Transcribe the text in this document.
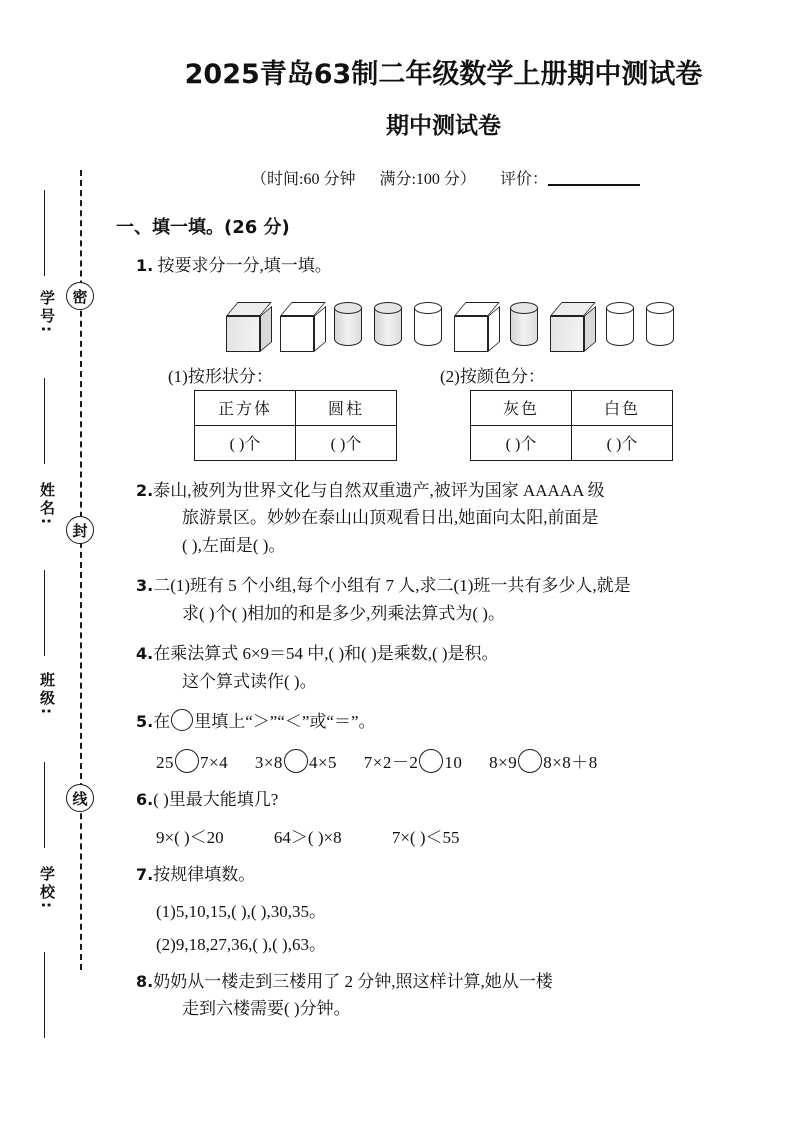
密
封
线
学号:
姓名:
班级:
学校:
2025青岛63制二年级数学上册期中测试卷
期中测试卷
（时间:60 分钟 满分:100 分） 评价：
一、填一填。(26 分)
1. 按要求分一分,填一填。
(1)按形状分：	(2)按颜色分：
正方体	圆柱
( )个	( )个
灰色	白色
( )个	( )个
2.泰山,被列为世界文化与自然双重遗产,被评为国家 AAAAA 级
旅游景区。妙妙在泰山山顶观看日出,她面向太阳,前面是
( ),左面是( )。
3.二(1)班有 5 个小组,每个小组有 7 人,求二(1)班一共有多少人,就是
求( )个( )相加的和是多少,列乘法算式为( )。
4.在乘法算式 6×9＝54 中,( )和( )是乘数,( )是积。
这个算式读作( )。
5.在 里填上“＞”“＜”或“＝”。
25 7×4 3×8 4×5 7×2－2 10 8×9 8×8＋8
6.( )里最大能填几?
9×( )＜20	64＞( )×8	7×( )＜55
7.按规律填数。
(1)5,10,15,( ),( ),30,35。
(2)9,18,27,36,( ),( ),63。
8.奶奶从一楼走到三楼用了 2 分钟,照这样计算,她从一楼
走到六楼需要( )分钟。
